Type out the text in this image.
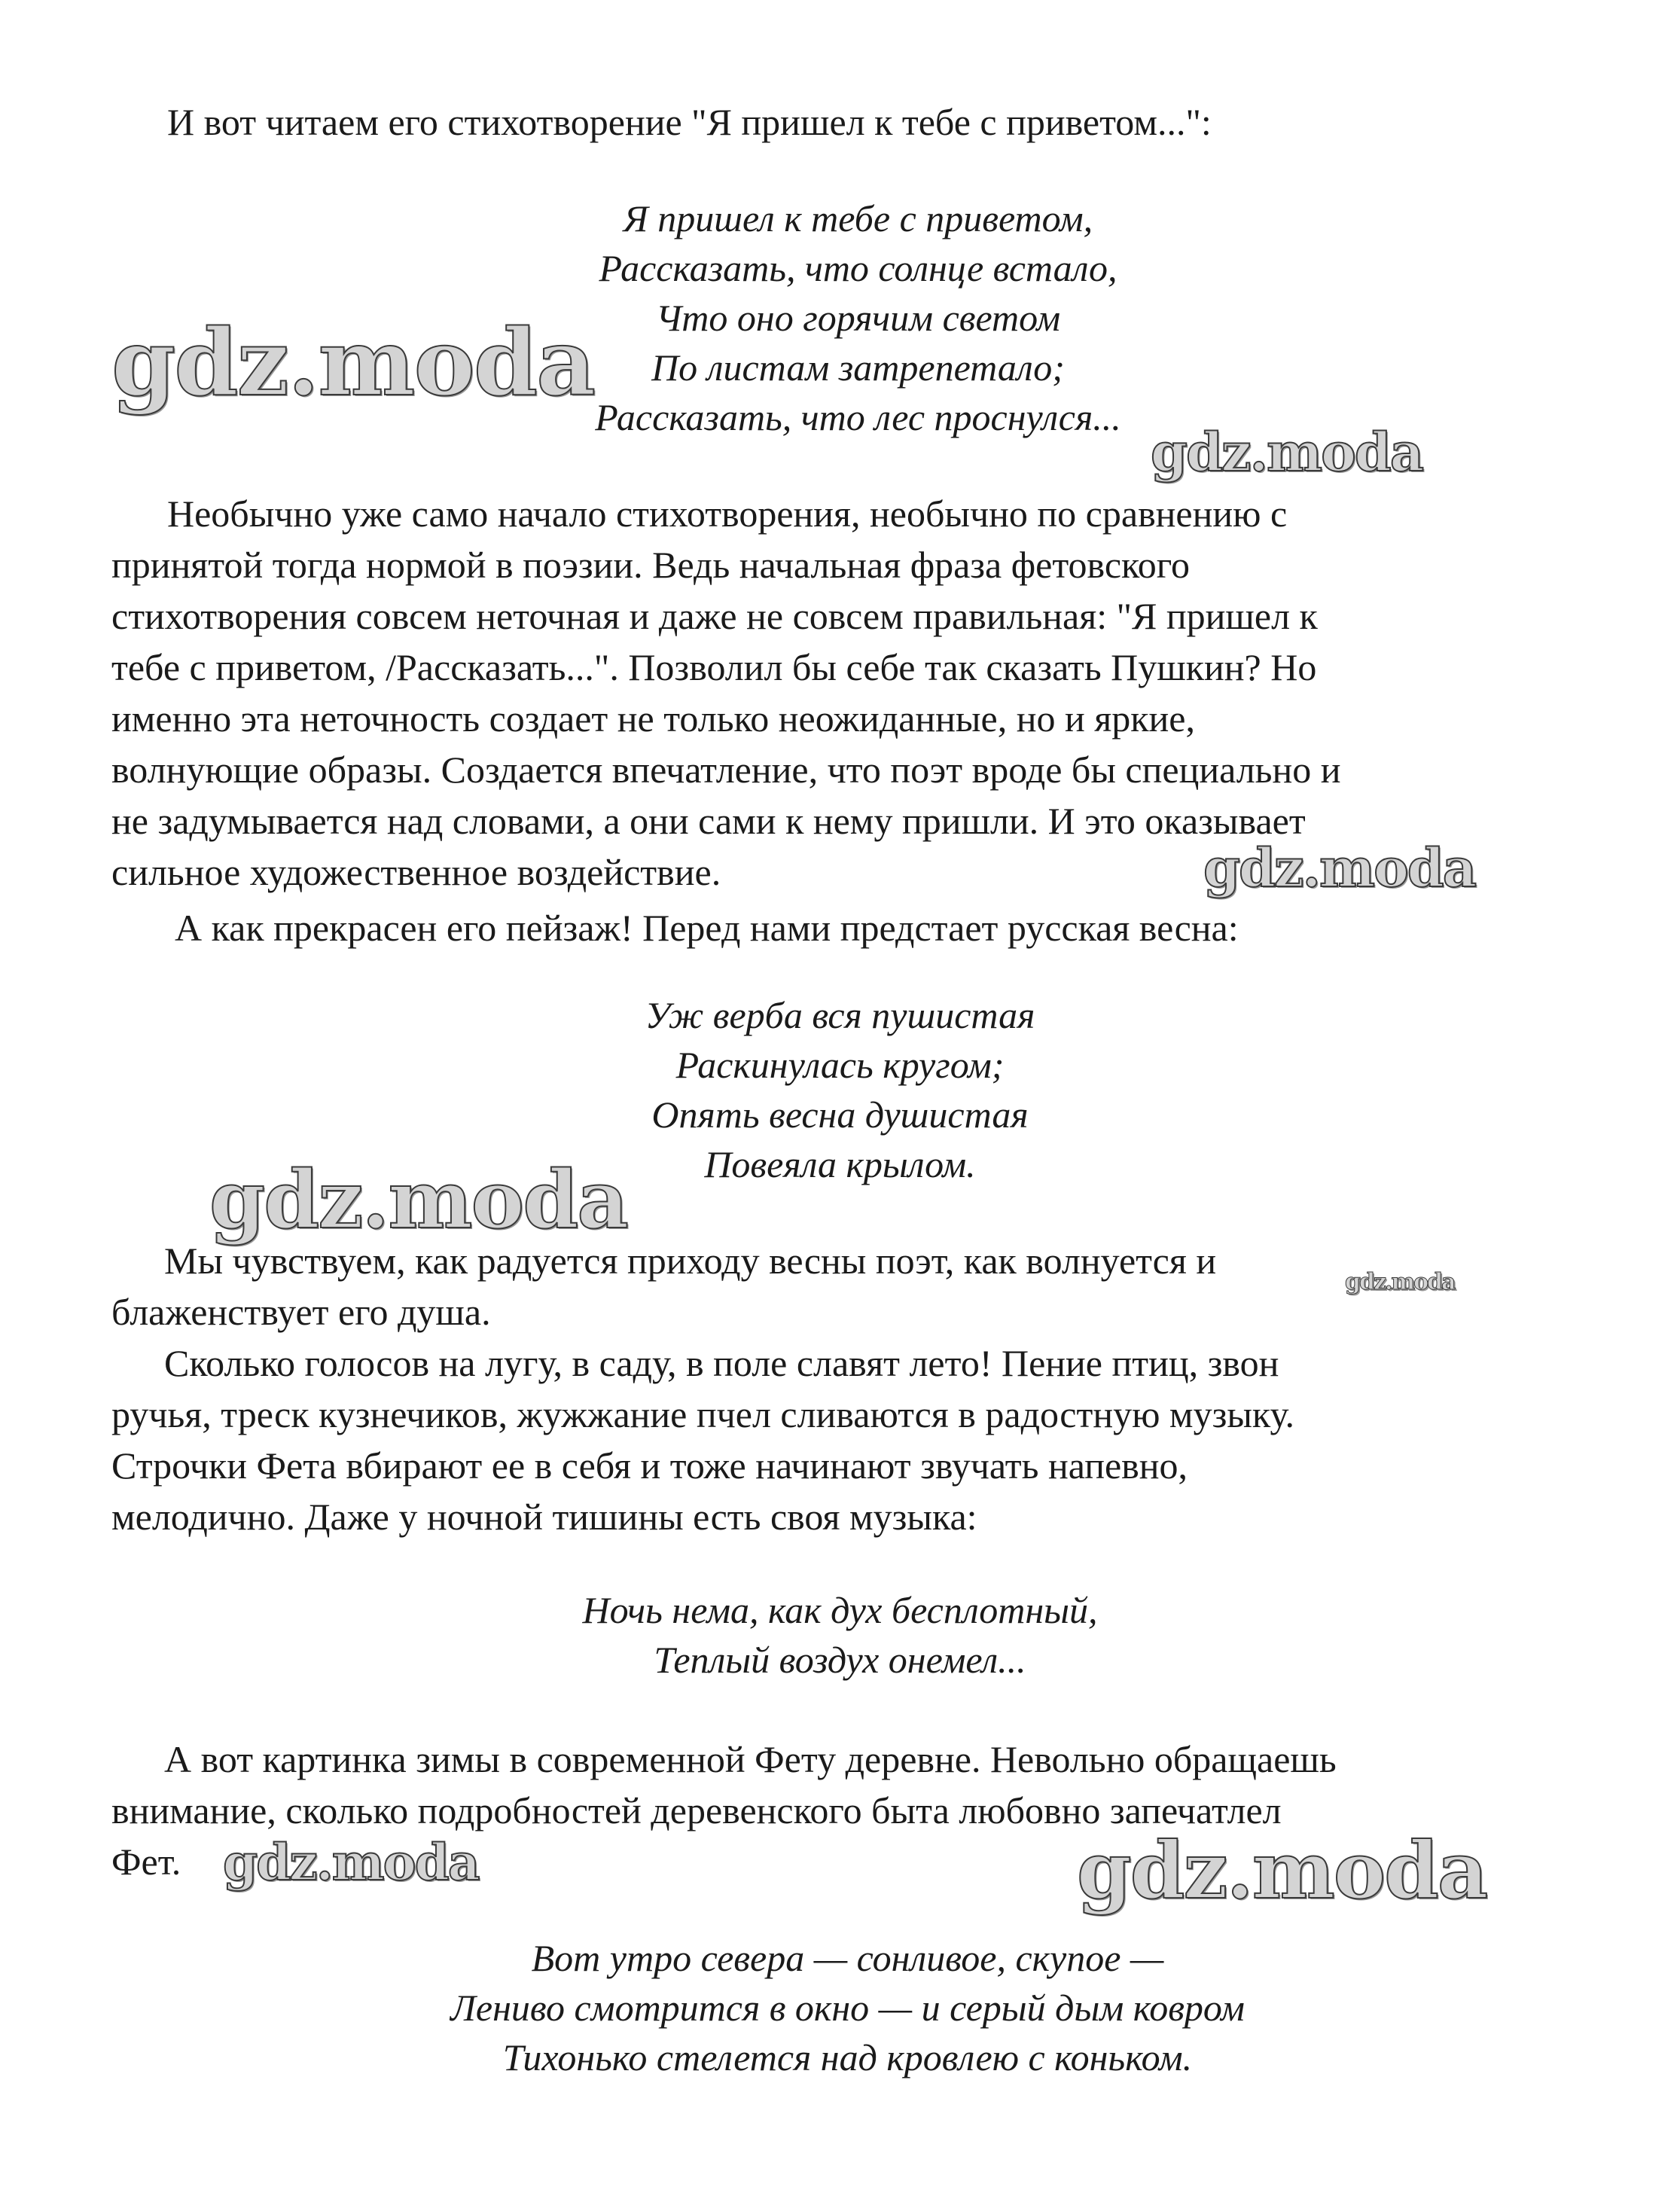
И вот читаем его стихотворение "Я пришел к тебе с приветом...":

Я пришел к тебе с приветом,

Рассказать, что солнце встало,

Что оно горячим светом

По листам затрепетало;

Рассказать, что лес проснулся...

Необычно уже само начало стихотворения, необычно по сравнению с

принятой тогда нормой в поэзии. Ведь начальная фраза фетовского

стихотворения совсем неточная и даже не совсем правильная: "Я пришел к

тебе с приветом, /Рассказать...". Позволил бы себе так сказать Пушкин? Но

именно эта неточность создает не только неожиданные, но и яркие,

волнующие образы. Создается впечатление, что поэт вроде бы специально и

не задумывается над словами, а они сами к нему пришли. И это оказывает

сильное художественное воздействие.

А как прекрасен его пейзаж! Перед нами предстает русская весна:

Уж верба вся пушистая

Раскинулась кругом;

Опять весна душистая

Повеяла крылом.

Мы чувствуем, как радуется приходу весны поэт, как волнуется и

блаженствует его душа.

Сколько голосов на лугу, в саду, в поле славят лето! Пение птиц, звон

ручья, треск кузнечиков, жужжание пчел сливаются в радостную музыку.

Строчки Фета вбирают ее в себя и тоже начинают звучать напевно,

мелодично. Даже у ночной тишины есть своя музыка:

Ночь нема, как дух бесплотный,

Теплый воздух онемел...

А вот картинка зимы в современной Фету деревне. Невольно обращаешь

внимание, сколько подробностей деревенского быта любовно запечатлел

Фет.

Вот утро севера — сонливое, скупое —

Лениво смотрится в окно — и серый дым ковром

Тихонько стелется над кровлею с коньком.

gdz.moda
gdz.moda
gdz.moda
gdz.moda
gdz.moda
gdz.moda	gdz.moda
